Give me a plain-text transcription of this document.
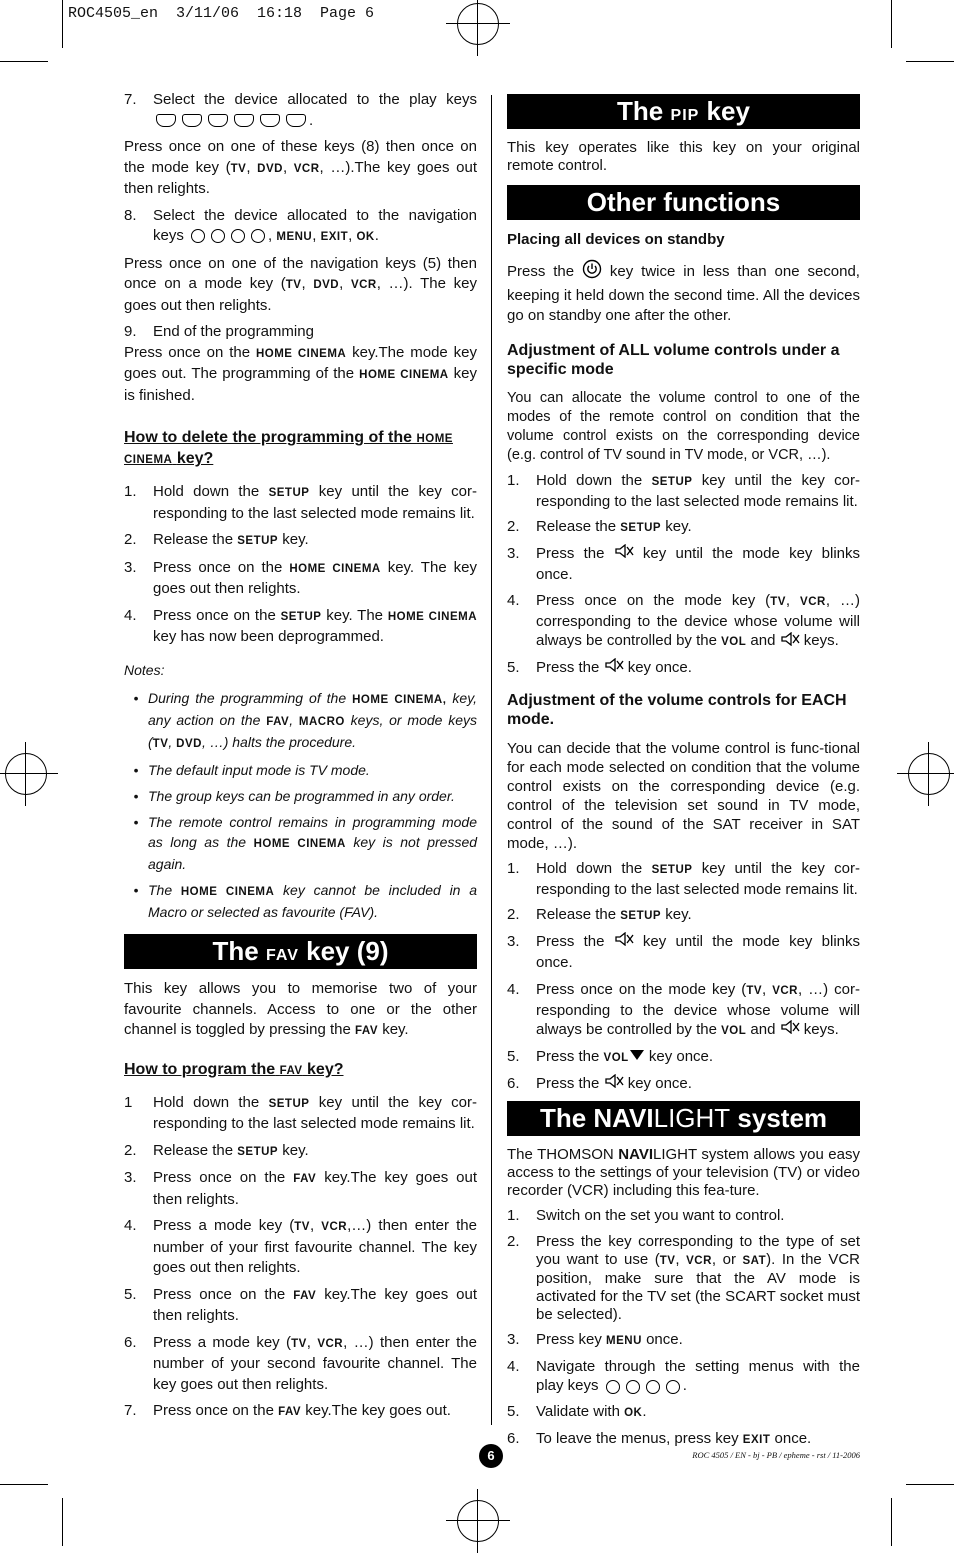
ROC4505_en  3/11/06  16:18  Page 6
7.	Select the device allocated to the play keys .
Press once on one of these keys (8) then once on the mode key (TV, DVD, VCR, …).The key goes out then relights.
8.	Select the device allocated to the navigation keys	, MENU, EXIT, OK.
Press once on one of the navigation keys (5) then once on a mode key (TV, DVD, VCR, …). The key goes out then relights.
9.	End of the programming
Press once on the HOME CINEMA key.The mode key goes out. The programming of the HOME CINEMA key is finished.
How to delete the programming of the HOME CINEMA key?
1.	Hold down the SETUP key until the key cor-responding to the last selected mode remains lit.
2.	Release the SETUP key.
3.	Press once on the HOME CINEMA key. The key goes out then relights.
4.	Press once on the SETUP key. The HOME CINEMA key has now been deprogrammed.
Notes:
• During the programming of the HOME CINEMA, key, any action on the FAV, MACRO keys, or mode keys (TV, DVD, …) halts the procedure.
• The default input mode is TV mode.
• The group keys can be programmed in any order.
• The remote control remains in programming mode as long as the HOME CINEMA key is not pressed again.
• The HOME CINEMA key cannot be included in a Macro or selected as favourite (FAV).
The FAV key (9)
This key allows you to memorise two of your favourite channels. Access to one or the other channel is toggled by pressing the FAV key.
How to program the FAV key?
1	Hold down the SETUP key until the key cor-responding to the last selected mode remains lit.
2.	Release the SETUP key.
3.	Press once on the FAV key.The key goes out then relights.
4.	Press a mode key (TV, VCR,…) then enter the number of your first favourite channel. The key goes out then relights.
5.	Press once on the FAV key.The key goes out then relights.
6.	Press a mode key (TV, VCR, …) then enter the number of your second favourite channel. The key goes out then relights.
7.	Press once on the FAV key.The key goes out.
The PIP key
This key operates like this key on your original remote control.
Other functions
Placing all devices on standby
Press the key twice in less than one second, keeping it held down the second time. All the devices go on standby one after the other.
Adjustment of ALL volume controls under a specific mode
You can allocate the volume control to one of the modes of the remote control on condition that the volume control exists on the corresponding device (e.g. control of TV sound in TV mode, or VCR, …).
1.	Hold down the SETUP key until the key cor-responding to the last selected mode remains lit.
2.	Release the SETUP key.
3.	Press the	key until the mode key blinks once.
4.	Press once on the mode key (TV, VCR, …) corresponding to the device whose volume will always be controlled by the VOL and keys.
5.	Press the key once.
Adjustment of the volume controls for EACH mode.
You can decide that the volume control is func-tional for each mode selected on condition that the volume control exists on the corresponding device (e.g. control of the television set sound in TV mode, control of the sound of the SAT receiver in SAT mode, …).
1.	Hold down the SETUP key until the key cor-responding to the last selected mode remains lit.
2.	Release the SETUP key.
3.	Press the	key until the mode key blinks once.
4.	Press once on the mode key (TV, VCR, …) cor-responding to the device whose volume will always be controlled by the VOL and keys.
5.	Press the VOL key once.
6.	Press the key once.
The NAVILIGHT system
The THOMSON NAVILIGHT system allows you easy access to the settings of your television (TV) or video recorder (VCR) including this fea-ture.
1.	Switch on the set you want to control.
2.	Press the key corresponding to the type of set you want to use (TV, VCR, or SAT). In the VCR position, make sure that the AV mode is activated for the TV set (the SCART socket must be selected).
3.	Press key MENU once.
4.	Navigate through the setting menus with the play keys	.
5.	Validate with OK.
6.	To leave the menus, press key EXIT once.
6	ROC 4505 / EN - bj - PB / epheme - rst / 11-2006
